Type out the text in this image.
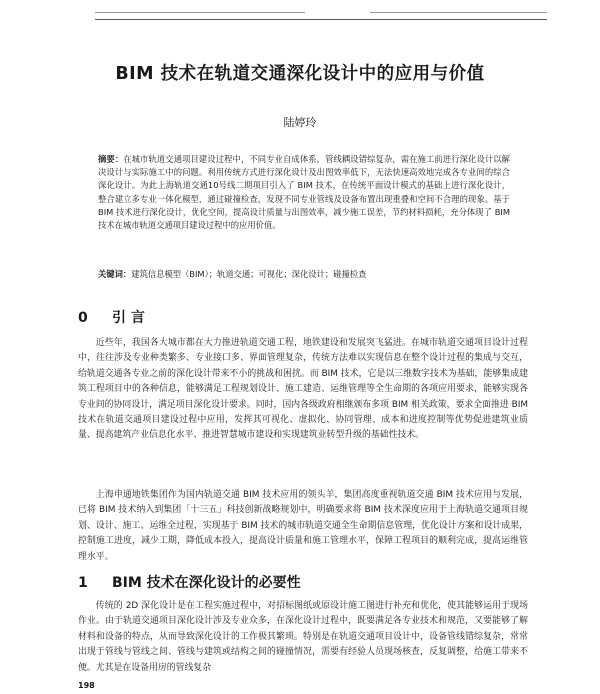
BIM 技术在轨道交通深化设计中的应用与价值
陆婷玲
摘要：在城市轨道交通项目建设过程中，不同专业自成体系，管线耦设错综复杂，需在施工前进行深化设计以解决设计与实际施工中的问题。利用传统方式进行深化设计及出图效率低下，无法快速高效地完成各专业间的综合深化设计。为此上海轨道交通10号线二期项目引入了 BIM 技术，在传统平面设计模式的基础上进行深化设计，整合建立多专业一体化模型，通过碰撞检查，发现不同专业管线及设备布置出现重叠和空间不合理的现象。基于 BIM 技术进行深化设计，优化空间，提高设计质量与出图效率，减少施工误差，节约材料损耗，充分体现了 BIM 技术在城市轨道交通项目建设过程中的应用价值。
关键词：建筑信息模型（BIM）；轨道交通；可视化；深化设计；碰撞检查
0 引 言
近些年，我国各大城市都在大力推进轨道交通工程，地铁建设和发展突飞猛进。在城市轨道交通项目设计过程中，往往涉及专业种类繁多、专业接口多、界面管理复杂，传统方法难以实现信息在整个设计过程的集成与交互，给轨道交通各专业之前的深化设计带来不小的挑战和困扰。而 BIM 技术，它是以三维数字技术为基础，能够集成建筑工程项目中的各种信息，能够满足工程规划设计、施工建造、运维管理等全生命期的各项应用要求，能够实现各专业间的协同设计，满足项目深化设计要求。同时，国内各级政府相继颁布多项 BIM 相关政策，要求全面推进 BIM 技术在轨道交通项目建设过程中应用，发挥其可视化、虚拟化、协同管理、成本和进度控制等优势促进建筑业质量、提高建筑产业信息化水平、推进智慧城市建设和实现建筑业转型升级的基础性技术。
上海申通地铁集团作为国内轨道交通 BIM 技术应用的领头羊，集团高度重视轨道交通 BIM 技术应用与发展，已将 BIM 技术纳入到集团「十三五」科技创新战略规划中，明确要求将 BIM 技术深度应用于上海轨道交通项目规划、设计、施工、运维全过程，实现基于 BIM 技术的城市轨道交通全生命期信息管理，优化设计方案和设计成果，控制施工进度，减少工期，降低成本投入，提高设计质量和施工管理水平，保障工程项目的顺利完成，提高运维管理水平。
1 BIM 技术在深化设计的必要性
传统的 2D 深化设计是在工程实施过程中，对招标图纸或原设计施工图进行补充和优化，使其能够运用于现场作业。由于轨道交通项目深化设计涉及专业众多，在深化设计过程中，既要满足各专业技术和规范，又要能够了解材料和设备的特点，从而导致深化设计的工作极其繁琐。特别是在轨道交通项目设计中，设备管线错综复杂，常常出现于管线与管线之间、管线与建筑或结构之间的碰撞情况，需要有经验人员现场核查，反复调整，给施工带来不便。尤其是在设备用房的管线复杂
198
